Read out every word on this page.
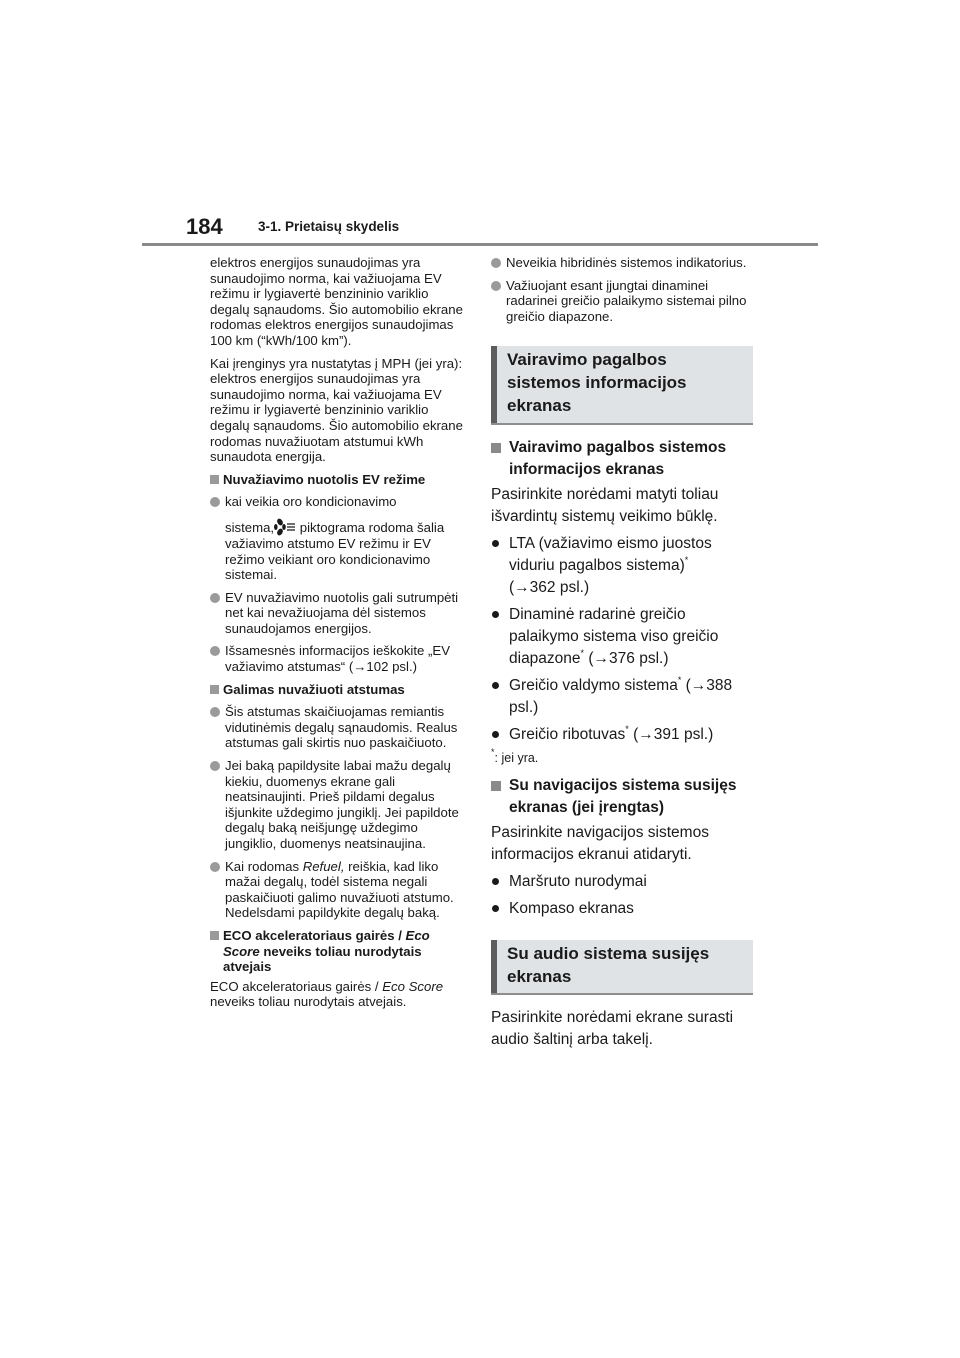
184	3-1. Prietaisų skydelis

elektros energijos sunaudojimas yra sunaudojimo norma, kai važiuojama EV režimu ir lygiavertė benzininio variklio degalų sąnaudoms. Šio automobilio ekrane rodomas elektros energijos sunaudojimas 100 km (“kWh/100 km”).

Kai įrenginys yra nustatytas į MPH (jei yra):
elektros energijos sunaudojimas yra sunaudojimo norma, kai važiuojama EV režimu ir lygiavertė benzininio variklio degalų sąnaudoms. Šio automobilio ekrane rodomas nuvažiuotam atstumui kWh sunaudota energija.

Nuvažiavimo nuotolis EV režime
kai veikia oro kondicionavimo
sistema, piktograma rodoma šalia važiavimo atstumo EV režimu ir EV režimo veikiant oro kondicionavimo sistemai.
EV nuvažiavimo nuotolis gali sutrumpėti net kai nevažiuojama dėl sistemos sunaudojamos energijos.
Išsamesnės informacijos ieškokite „EV važiavimo atstumas“ (→102 psl.)
Galimas nuvažiuoti atstumas
Šis atstumas skaičiuojamas remiantis vidutinėmis degalų sąnaudomis. Realus atstumas gali skirtis nuo paskaičiuoto.
Jei baką papildysite labai mažu degalų kiekiu, duomenys ekrane gali neatsinaujinti. Prieš pildami degalus išjunkite uždegimo jungiklį. Jei papildote degalų baką neišjungę uždegimo jungiklio, duomenys neatsinaujina.
Kai rodomas Refuel, reiškia, kad liko mažai degalų, todėl sistema negali paskaičiuoti galimo nuvažiuoti atstumo.
Nedelsdami papildykite degalų baką.
ECO akceleratoriaus gairės / Eco Score neveiks toliau nurodytais atvejais

ECO akceleratoriaus gairės / Eco Score neveiks toliau nurodytais atvejais.

Neveikia hibridinės sistemos indikatorius.
Važiuojant esant įjungtai dinaminei radarinei greičio palaikymo sistemai pilno greičio diapazone.
Vairavimo pagalbos sistemos informacijos ekranas
Vairavimo pagalbos sistemos informacijos ekranas

Pasirinkite norėdami matyti toliau išvardintų sistemų veikimo būklę.

LTA (važiavimo eismo juostos viduriu pagalbos sistema)*
(→362 psl.)
Dinaminė radarinė greičio palaikymo sistema viso greičio diapazone* (→376 psl.)
Greičio valdymo sistema* (→388 psl.)
Greičio ribotuvas* (→391 psl.)
*: jei yra.
Su navigacijos sistema susijęs ekranas (jei įrengtas)

Pasirinkite navigacijos sistemos informacijos ekranui atidaryti.

Maršruto nurodymai
Kompaso ekranas
Su audio sistema susijęs ekranas

Pasirinkite norėdami ekrane surasti audio šaltinį arba takelį.
